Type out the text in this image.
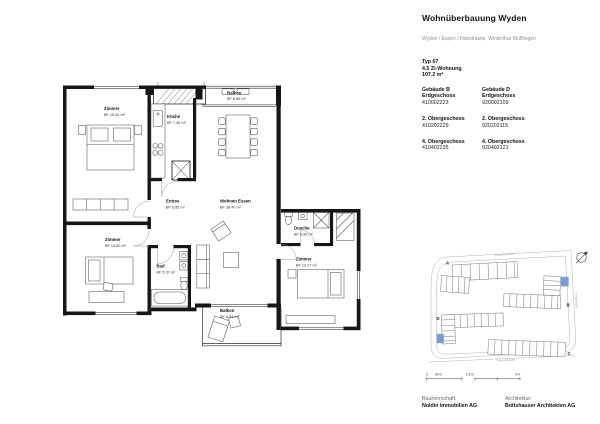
Zimmer
BF 15.40 m²	Küche
BF 7.40 m²
Balkon
BF 6.65 m²
Wohnen Essen
BF 38.40 m²
Entree
BF 5.85 m²
Zimmer
BF 14.60 m²
Bad
BF 5.37 m²
Dusche
BF 3.95 m²
Zimmer
BF 13.17 m²
Balkon
BF 6.83 m²
Wohnüberbauung Wyden
Wyden / Espen / Hobstrasse, Winterthur Wülflingen
Typ 67
4.5 Zi-Wohnung
107.2 m²
Gebäude B
Erdgeschoss
410002223
2. Obergeschoss
410202229
4. Obergeschoss
410402235
Gebäude D
Erdgeschoss
920002109
2. Obergeschoss
920202115
4. Obergeschoss
920402121
A
B
C
D
Wydenstrasse
Hobstrasse
Espenstrasse
0 50 m	2.5 m	5 m
Bauherrschaft:
Noldin Immobilien AG
Architektur:
Boltshauser Architekten AG
